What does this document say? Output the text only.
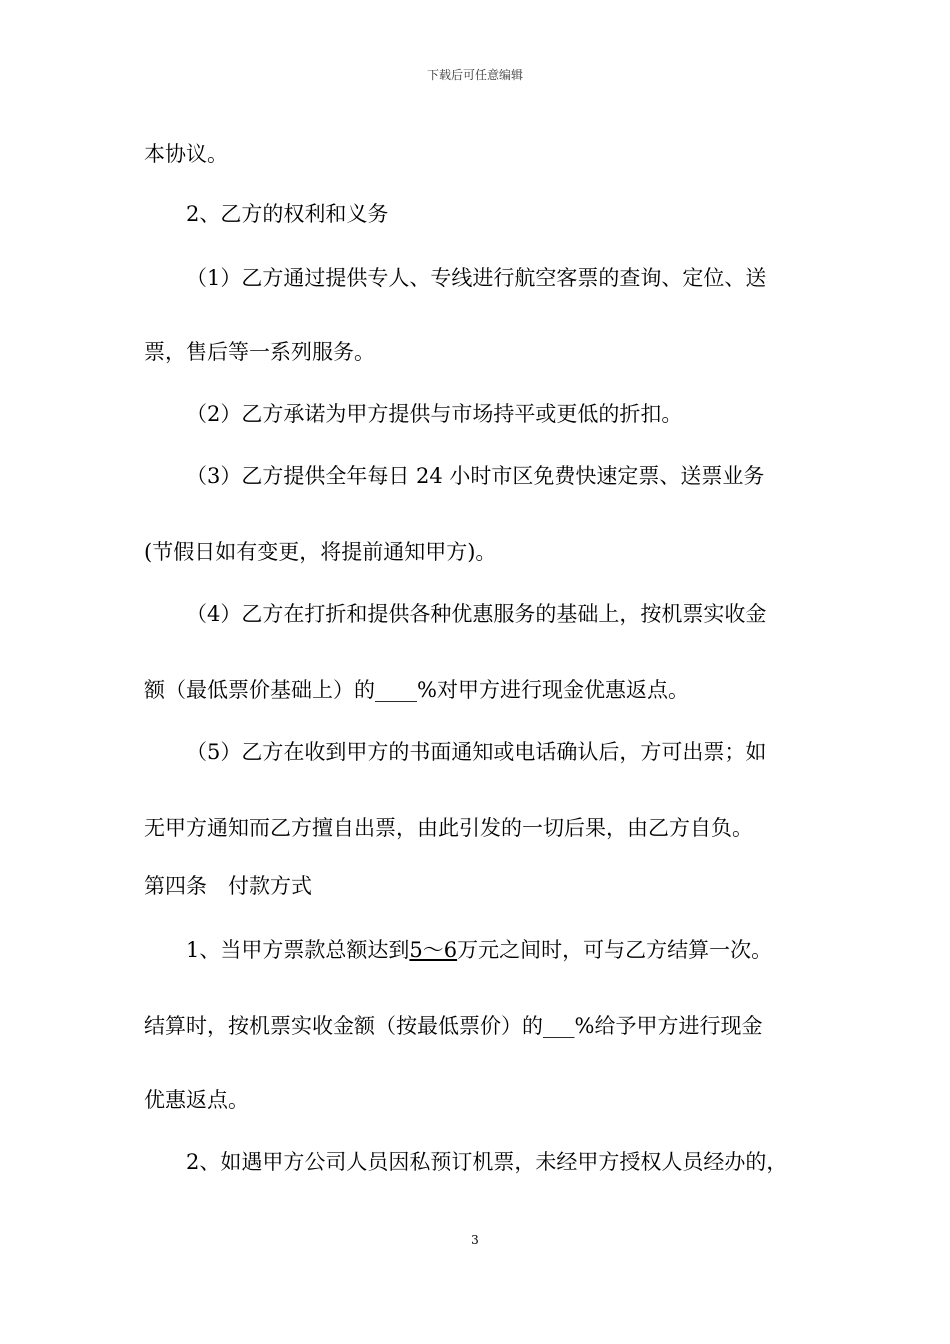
下载后可任意编辑
本协议。
2、乙方的权利和义务
（1）乙方通过提供专人、专线进行航空客票的查询、定位、送
票，售后等一系列服务。
（2）乙方承诺为甲方提供与市场持平或更低的折扣。
（3）乙方提供全年每日 24 小时市区免费快速定票、送票业务
(节假日如有变更，将提前通知甲方)。
（4）乙方在打折和提供各种优惠服务的基础上，按机票实收金
额（最低票价基础上）的____%对甲方进行现金优惠返点。
（5）乙方在收到甲方的书面通知或电话确认后，方可出票；如
无甲方通知而乙方擅自出票，由此引发的一切后果，由乙方自负。
第四条　付款方式
1、当甲方票款总额达到5～6万元之间时，可与乙方结算一次。
结算时，按机票实收金额（按最低票价）的___%给予甲方进行现金
优惠返点。
2、如遇甲方公司人员因私预订机票，未经甲方授权人员经办的，
3
